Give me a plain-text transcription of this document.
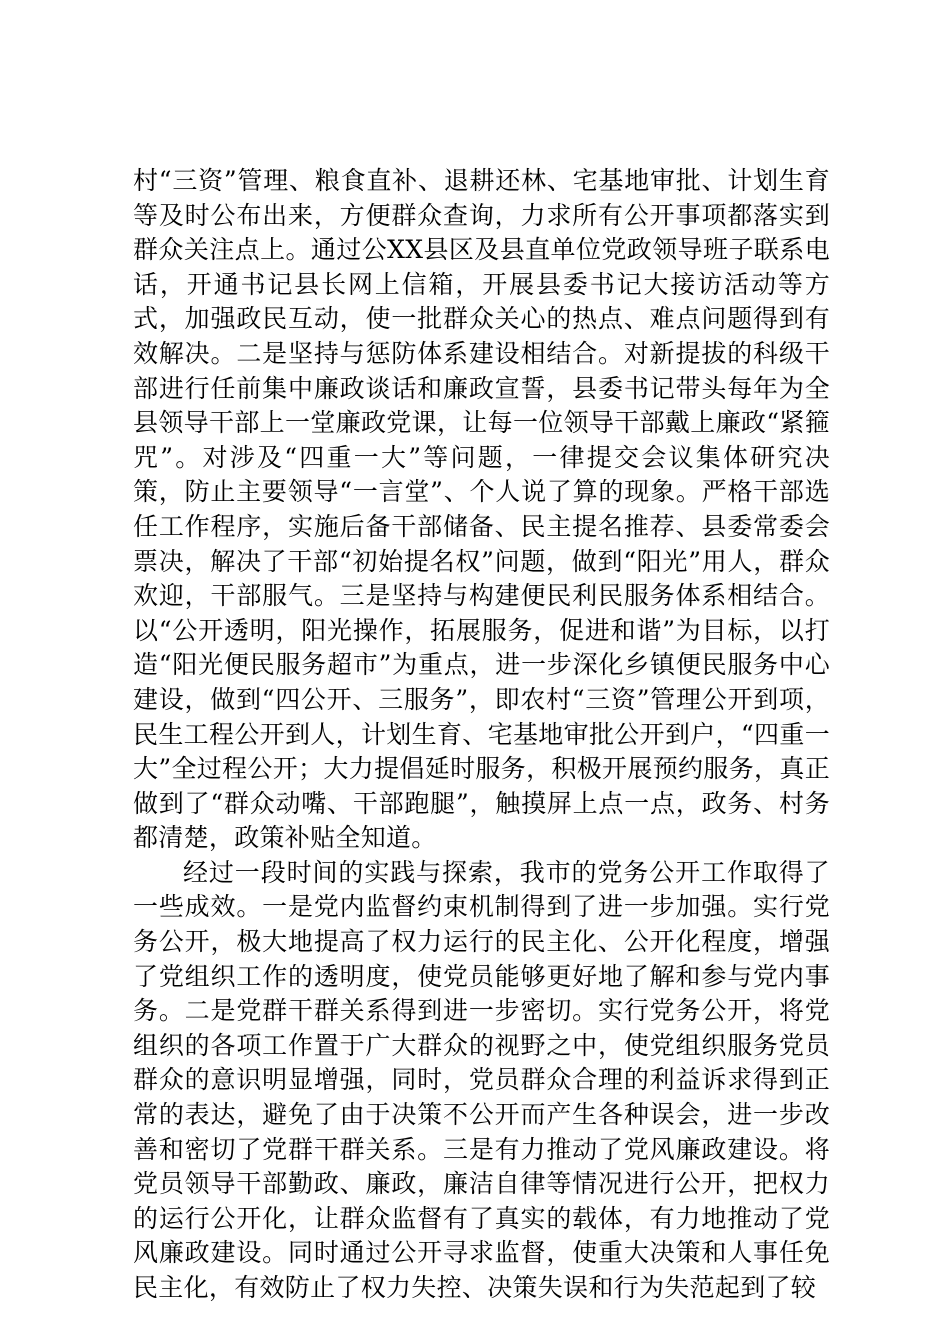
村“三资”管理、粮食直补、退耕还林、宅基地审批、计划生育等及时公布出来，方便群众查询，力求所有公开事项都落实到群众关注点上。通过公XX县区及县直单位党政领导班子联系电话，开通书记县长网上信箱，开展县委书记大接访活动等方式，加强政民互动，使一批群众关心的热点、难点问题得到有效解决。二是坚持与惩防体系建设相结合。对新提拔的科级干部进行任前集中廉政谈话和廉政宣誓，县委书记带头每年为全县领导干部上一堂廉政党课，让每一位领导干部戴上廉政“紧箍咒”。对涉及“四重一大”等问题，一律提交会议集体研究决策，防止主要领导“一言堂”、个人说了算的现象。严格干部选任工作程序，实施后备干部储备、民主提名推荐、县委常委会票决，解决了干部“初始提名权”问题，做到“阳光”用人，群众欢迎，干部服气。三是坚持与构建便民利民服务体系相结合。以“公开透明，阳光操作，拓展服务，促进和谐”为目标，以打造“阳光便民服务超市”为重点，进一步深化乡镇便民服务中心建设，做到“四公开、三服务”，即农村“三资”管理公开到项，民生工程公开到人，计划生育、宅基地审批公开到户，“四重一大”全过程公开；大力提倡延时服务，积极开展预约服务，真正做到了“群众动嘴、干部跑腿”，触摸屏上点一点，政务、村务都清楚，政策补贴全知道。

经过一段时间的实践与探索，我市的党务公开工作取得了一些成效。一是党内监督约束机制得到了进一步加强。实行党务公开，极大地提高了权力运行的民主化、公开化程度，增强了党组织工作的透明度，使党员能够更好地了解和参与党内事务。二是党群干群关系得到进一步密切。实行党务公开，将党组织的各项工作置于广大群众的视野之中，使党组织服务党员群众的意识明显增强，同时，党员群众合理的利益诉求得到正常的表达，避免了由于决策不公开而产生各种误会，进一步改善和密切了党群干群关系。三是有力推动了党风廉政建设。将党员领导干部勤政、廉政，廉洁自律等情况进行公开，把权力的运行公开化，让群众监督有了真实的载体，有力地推动了党风廉政建设。同时通过公开寻求监督，使重大决策和人事任免民主化，有效防止了权力失控、决策失误和行为失范起到了较
